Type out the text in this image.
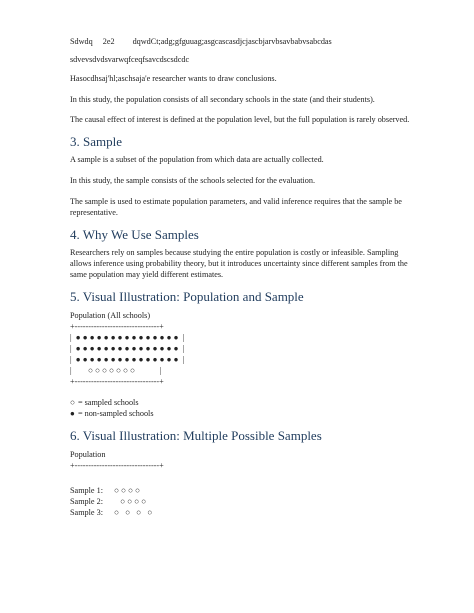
Sdwdq 2e2 dqwdCt;adg;gfguuag;asgcascasdjcjascbjarvbsavbabvsabcdas

sdvevsdvdsvarwqfceqfsavcdscsdcdc

Hasocdhsaj'hl;aschsaja'e researcher wants to draw conclusions.

In this study, the population consists of all secondary schools in the state (and their students).

The causal effect of interest is defined at the population level, but the full population is rarely observed.

3. Sample

A sample is a subset of the population from which data are actually collected.

In this study, the sample consists of the schools selected for the evaluation.

The sample is used to estimate population parameters, and valid inference requires that the sample be representative.

4. Why We Use Samples

Researchers rely on samples because studying the entire population is costly or infeasible. Sampling allows inference using probability theory, but it introduces uncertainty since different samples from the same population may yield different estimates.

5. Visual Illustration: Population and Sample

Population (All schools)

+-------------------------------+
|  ● ● ● ● ● ● ● ● ● ● ● ● ● ● ●  |
|  ● ● ● ● ● ● ● ● ● ● ● ● ● ● ●  |
|  ● ● ● ● ● ● ● ● ● ● ● ● ● ● ●  |
|        ○ ○ ○ ○ ○ ○ ○            |
+-------------------------------+
○ = sampled schools
● = non-sampled schools
6. Visual Illustration: Multiple Possible Samples

Population

+-------------------------------+
Sample 1:	○ ○ ○ ○
Sample 2:	○ ○ ○ ○
Sample 3:	○   ○   ○   ○
